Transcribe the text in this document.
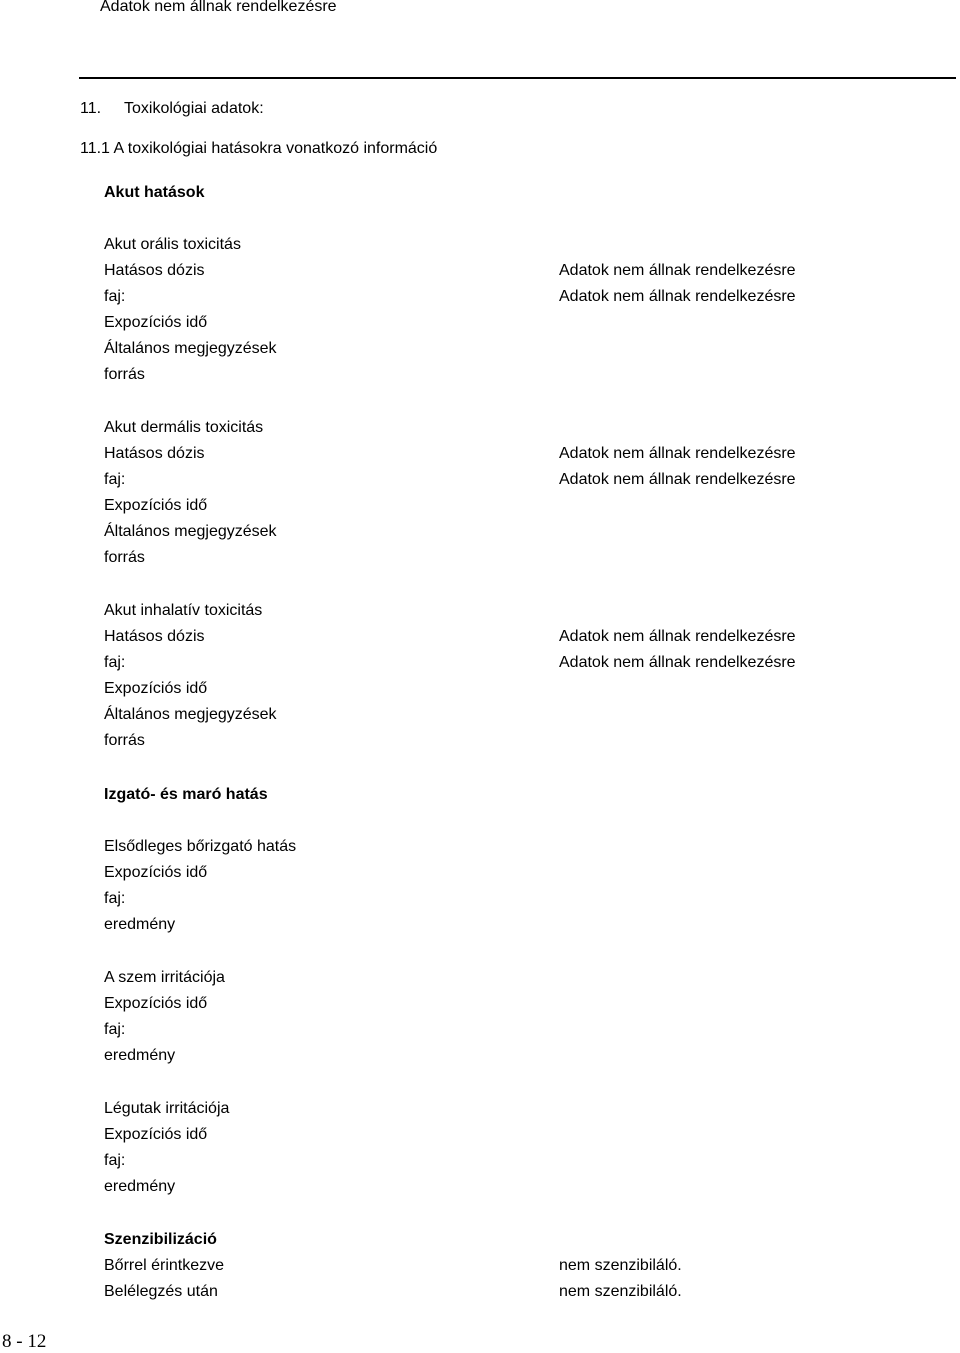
Adatok nem állnak rendelkezésre
11. Toxikológiai adatok:
11.1 A toxikológiai hatásokra vonatkozó információ
Akut hatások
Akut orális toxicitás
Hatásos dózis
faj:
Expozíciós idő
Általános megjegyzések
forrás
Adatok nem állnak rendelkezésre
Adatok nem állnak rendelkezésre
Akut dermális toxicitás
Hatásos dózis
faj:
Expozíciós idő
Általános megjegyzések
forrás
Adatok nem állnak rendelkezésre
Adatok nem állnak rendelkezésre
Akut inhalatív toxicitás
Hatásos dózis
faj:
Expozíciós idő
Általános megjegyzések
forrás
Adatok nem állnak rendelkezésre
Adatok nem állnak rendelkezésre
Izgató- és maró hatás
Elsődleges bőrizgató hatás
Expozíciós idő
faj:
eredmény
A szem irritációja
Expozíciós idő
faj:
eredmény
Légutak irritációja
Expozíciós idő
faj:
eredmény
Szenzibilizáció
Bőrrel érintkezve	nem szenzibiláló.
Belélegzés után	nem szenzibiláló.
8 - 12
